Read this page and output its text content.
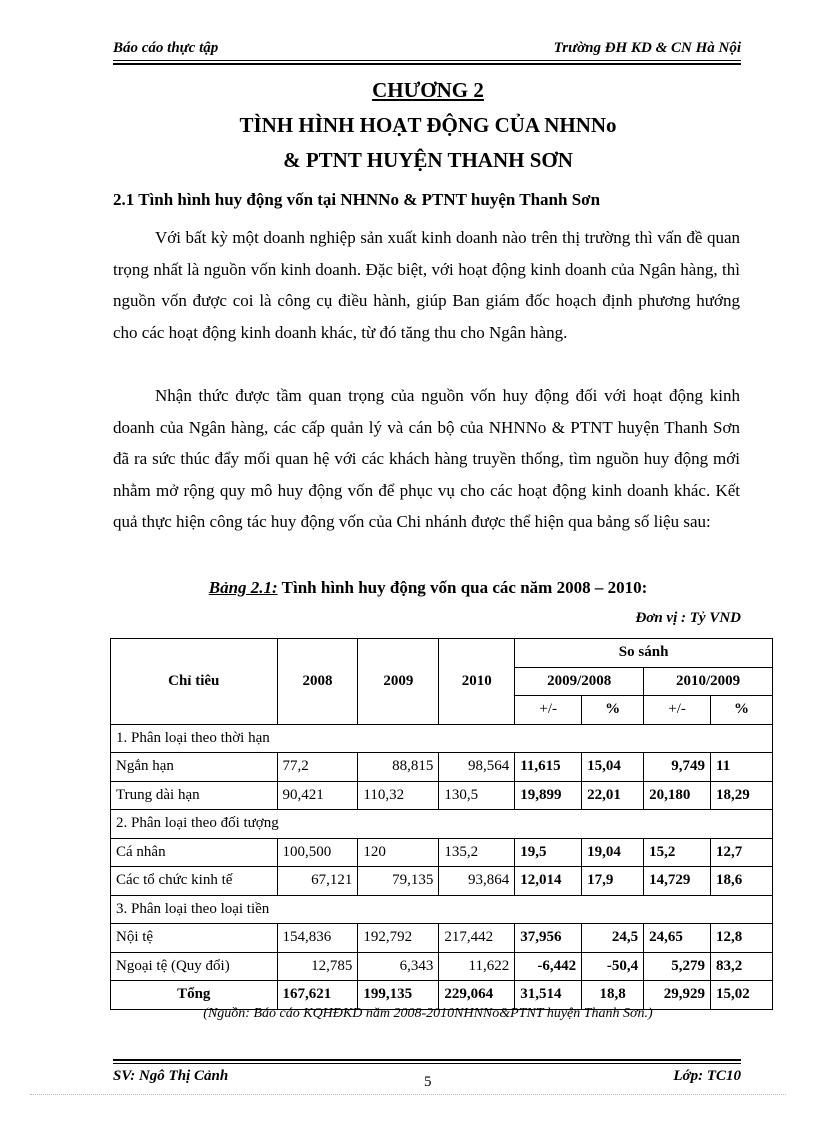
Báo cáo thực tập	Trường ĐH KD & CN Hà Nội
CHƯƠNG 2
TÌNH HÌNH HOẠT ĐỘNG CỦA NHNNo
& PTNT HUYỆN THANH SƠN
2.1 Tình hình huy động vốn tại NHNNo & PTNT huyện Thanh Sơn
Với bất kỳ một doanh nghiệp sản xuất kinh doanh nào trên thị trường thì vấn đề quan trọng nhất là nguồn vốn kinh doanh. Đặc biệt, với hoạt động kinh doanh của Ngân hàng, thì nguồn vốn được coi là công cụ điều hành, giúp Ban giám đốc hoạch định phương hướng cho các hoạt động kinh doanh khác, từ đó tăng thu cho Ngân hàng.
Nhận thức được tầm quan trọng của nguồn vốn huy động đối với hoạt động kinh doanh của Ngân hàng, các cấp quản lý và cán bộ của NHNNo & PTNT huyện Thanh Sơn đã ra sức thúc đẩy mối quan hệ với các khách hàng truyền thống, tìm nguồn huy động mới nhằm mở rộng quy mô huy động vốn để phục vụ cho các hoạt động kinh doanh khác. Kết quả thực hiện công tác huy động vốn của Chi nhánh được thể hiện qua bảng số liệu sau:
Bảng 2.1: Tình hình huy động vốn qua các năm 2008 – 2010:
Đơn vị : Tỷ VND
Chỉ tiêu	2008	2009	2010	So sánh			
				2009/2008		2010/2009	
				+/-	%	+/-	%
1. Phân loại theo thời hạn							
Ngắn hạn	77,2	88,815	98,564	11,615	15,04	9,749	11
Trung dài hạn	90,421	110,32	130,5	19,899	22,01	20,180	18,29
2. Phân loại theo đối tượng							
Cá nhân	100,500	120	135,2	19,5	19,04	15,2	12,7
Các tổ chức kinh tế	67,121	79,135	93,864	12,014	17,9	14,729	18,6
3. Phân loại theo loại tiền							
Nội tệ	154,836	192,792	217,442	37,956	24,5	24,65	12,8
Ngoại tệ (Quy đổi)	12,785	6,343	11,622	-6,442	-50,4	5,279	83,2
Tổng	167,621	199,135	229,064	31,514	18,8	29,929	15,02
(Nguồn: Báo cáo KQHĐKD năm 2008-2010NHNNo&PTNT huyện Thanh Sơn.)
SV: Ngô Thị Cảnh	5	Lớp: TC10
